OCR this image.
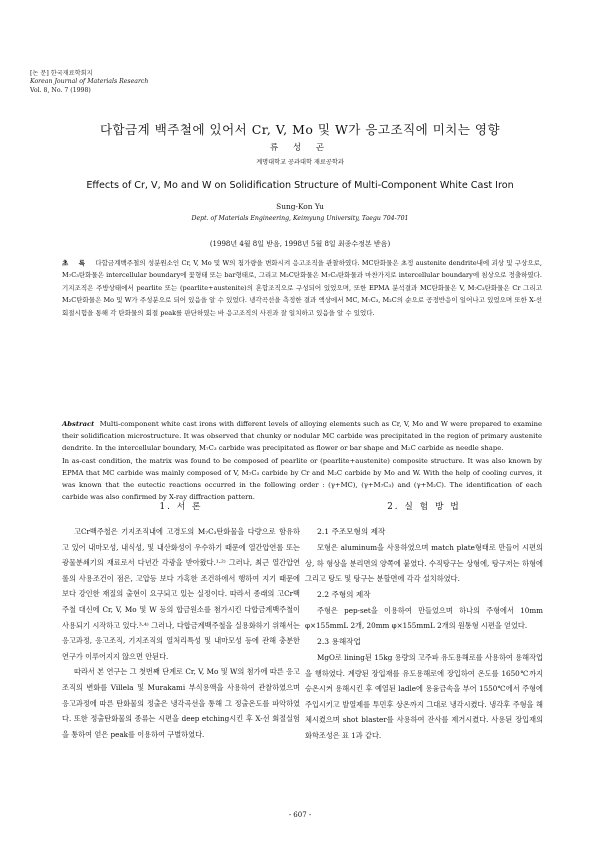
[논 문] 한국재료학회지
Korean Journal of Materials Research
Vol. 8, No. 7 (1998)
다합금계 백주철에 있어서 Cr, V, Mo 및 W가 응고조직에 미치는 영향
류 성 곤
계명대학교 공과대학 재료공학과
Effects of Cr, V, Mo and W on Solidification Structure of Multi-Component White Cast Iron
Sung-Kon Yu
Dept. of Materials Engineering, Keimyung University, Taegu 704-701
(1998년 4월 8일 받음, 1998년 5월 8일 최종수정본 받음)
초 록 다합금계백주철의 성분원소인 Cr, V, Mo 및 W의 첨가량을 변화시켜 응고조직을 관찰하였다. MC탄화물은 초정 austenite dendrite내에 괴상 및 구상으로, M₇C₃탄화물은 intercellular boundary에 꽃형태 또는 bar형태로, 그리고 M₂C탄화물은 M₇C₃탄화물과 마찬가지로 intercellular boundary에 침상으로 정출하였다. 기지조직은 주방상태에서 pearlite 또는 (pearlite+austenite)의 혼합조직으로 구성되어 있었으며, 또한 EPMA 분석결과 MC탄화물은 V, M₇C₃탄화물은 Cr 그리고 M₂C탄화물은 Mo 및 W가 주성분으로 되어 있음을 알 수 있었다. 냉각곡선을 측정한 결과 액상에서 MC, M₇C₃, M₂C의 순으로 공정반응이 일어나고 있었으며 또한 X-선 회절시험을 통해 각 탄화물의 회절 peak를 판단하였는 바 응고조직의 사진과 잘 일치하고 있음을 알 수 있었다.

Abstract Multi-component white cast irons with different levels of alloying elements such as Cr, V, Mo and W were prepared to examine their solidification microstructure. It was observed that chunky or nodular MC carbide was precipitated in the region of primary austenite dendrite. In the intercellular boundary, M₇C₃ carbide was precipitated as flower or bar shape and M₂C carbide as needle shape.

In as-cast condition, the matrix was found to be composed of pearlite or (pearlite+austenite) composite structure. It was also known by EPMA that MC carbide was mainly composed of V, M₇C₃ carbide by Cr and M₂C carbide by Mo and W. With the help of cooling curves, it was known that the eutectic reactions occurred in the following order : (γ+MC), (γ+M₇C₃) and (γ+M₂C). The identification of each carbide was also confirmed by X-ray diffraction pattern.

1. 서 론

고Cr백주철은 기지조직내에 고경도의 M₇C₃탄화물을 다량으로 함유하고 있어 내마모성, 내식성, 및 내산화성이 우수하기 때문에 열간압연롤 또는 광물분쇄기의 재료로서 다년간 각광을 받아왔다.¹·²⁾ 그러나, 최근 열간압연롤의 사용조건이 점은, 고압등 보다 가혹한 조건하에서 행하여 지기 때문에 보다 강인한 재질의 출현이 요구되고 있는 실정이다. 따라서 종래의 고Cr백주철 대신에 Cr, V, Mo 및 W 등의 합금원소를 첨가시킨 다합금계백주철이 사용되기 시작하고 있다.³·⁴⁾ 그러나, 다합금계백주철을 실용화하기 위해서는 응고과정, 응고조직, 기지조직의 열처리특성 및 내마모성 등에 관해 충분한 연구가 이루어지지 않으면 안된다.

따라서 본 연구는 그 첫번째 단계로 Cr, V, Mo 및 W의 첨가에 따른 응고조직의 변화를 Villela 및 Murakami 부식용액을 사용하여 관찰하였으며 응고과정에 따른 탄화물의 정출은 냉각곡선을 통해 그 정출온도를 파악하였다. 또한 정출탄화물의 종류는 시편을 deep etching시킨 후 X-선 회절실험을 통하여 얻은 peak를 이용하여 구별하였다.

2. 실 험 방 법
2.1 주조모형의 제작

모형은 aluminum을 사용하였으며 match plate형태로 만들어 시편의 상, 하 형상을 분리면의 양쪽에 붙였다. 수직탕구는 상형에, 탕구저는 하형에 그리고 탕도 및 탕구는 분할면에 각각 설치하였다.

2.2 주형의 제작

주형은 pep-set을 이용하여 만들었으며 하나의 주형에서 10mm φ×155mmL 2개, 20mm φ×155mmL 2개의 원통형 시편을 얻었다.

2.3 용해작업

MgO로 lining된 15kg 용량의 고주파 유도용해로를 사용하여 용해작업을 행하였다. 계량된 장입재를 유도용해로에 장입하여 온도를 1650℃까지 승온시켜 용해시킨 후 예열된 ladle에 용융금속을 부어 1550℃에서 주형에 주입시키고 발열제를 투민후 상온까지 그대로 냉각시켰다. 냉각후 주형을 해체시켰으며 shot blaster를 사용하여 잔사를 제거시켰다. 사용된 장입재의 화학조성은 표 1과 같다.

- 607 -
